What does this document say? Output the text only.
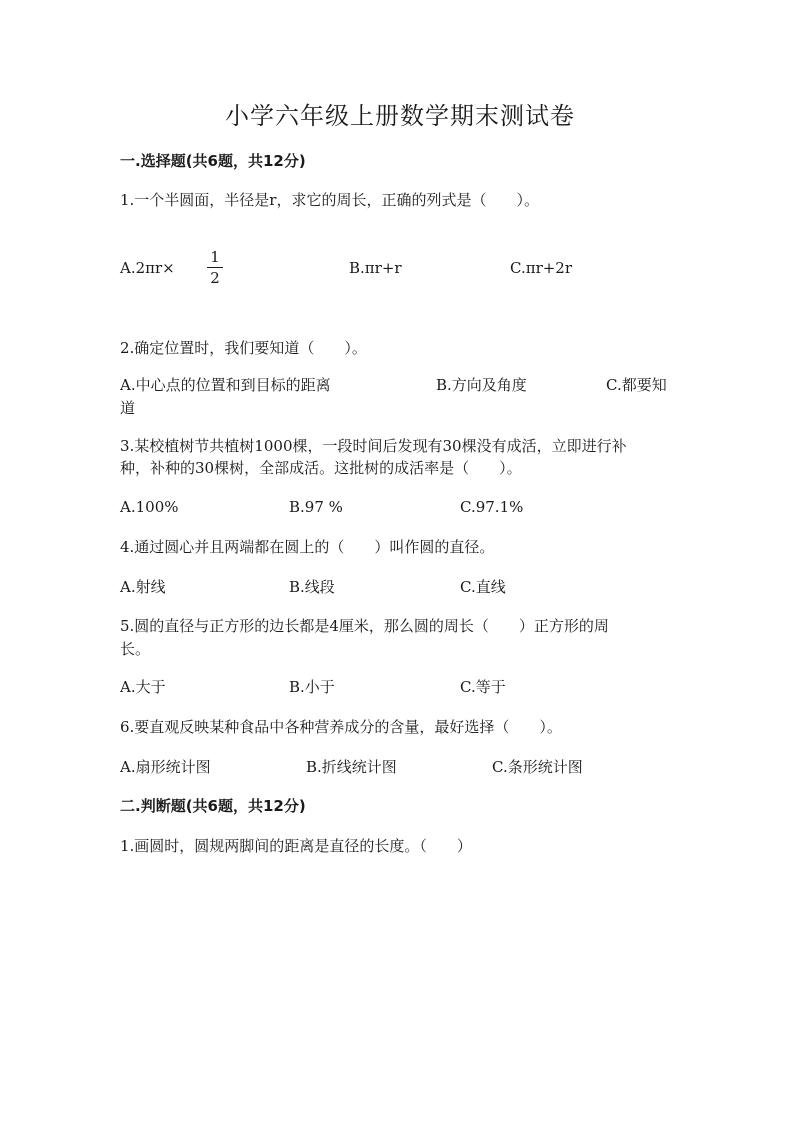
小学六年级上册数学期末测试卷
一.选择题(共6题，共12分)
1.一个半圆面，半径是r，求它的周长，正确的列式是（　　）。
A.2πr×
1
2
B.πr+r	C.πr+2r
2.确定位置时，我们要知道（　　）。
A.中心点的位置和到目标的距离	B.方向及角度	C.都要知
道
3.某校植树节共植树1000棵，一段时间后发现有30棵没有成活，立即进行补
种，补种的30棵树，全部成活。这批树的成活率是（　　）。
A.100%	B.97 %	C.97.1%
4.通过圆心并且两端都在圆上的（　　）叫作圆的直径。
A.射线	B.线段	C.直线
5.圆的直径与正方形的边长都是4厘米，那么圆的周长（　　）正方形的周
长。
A.大于	B.小于	C.等于
6.要直观反映某种食品中各种营养成分的含量，最好选择（　　）。
A.扇形统计图	B.折线统计图	C.条形统计图
二.判断题(共6题，共12分)
1.画圆时，圆规两脚间的距离是直径的长度。（　　）
